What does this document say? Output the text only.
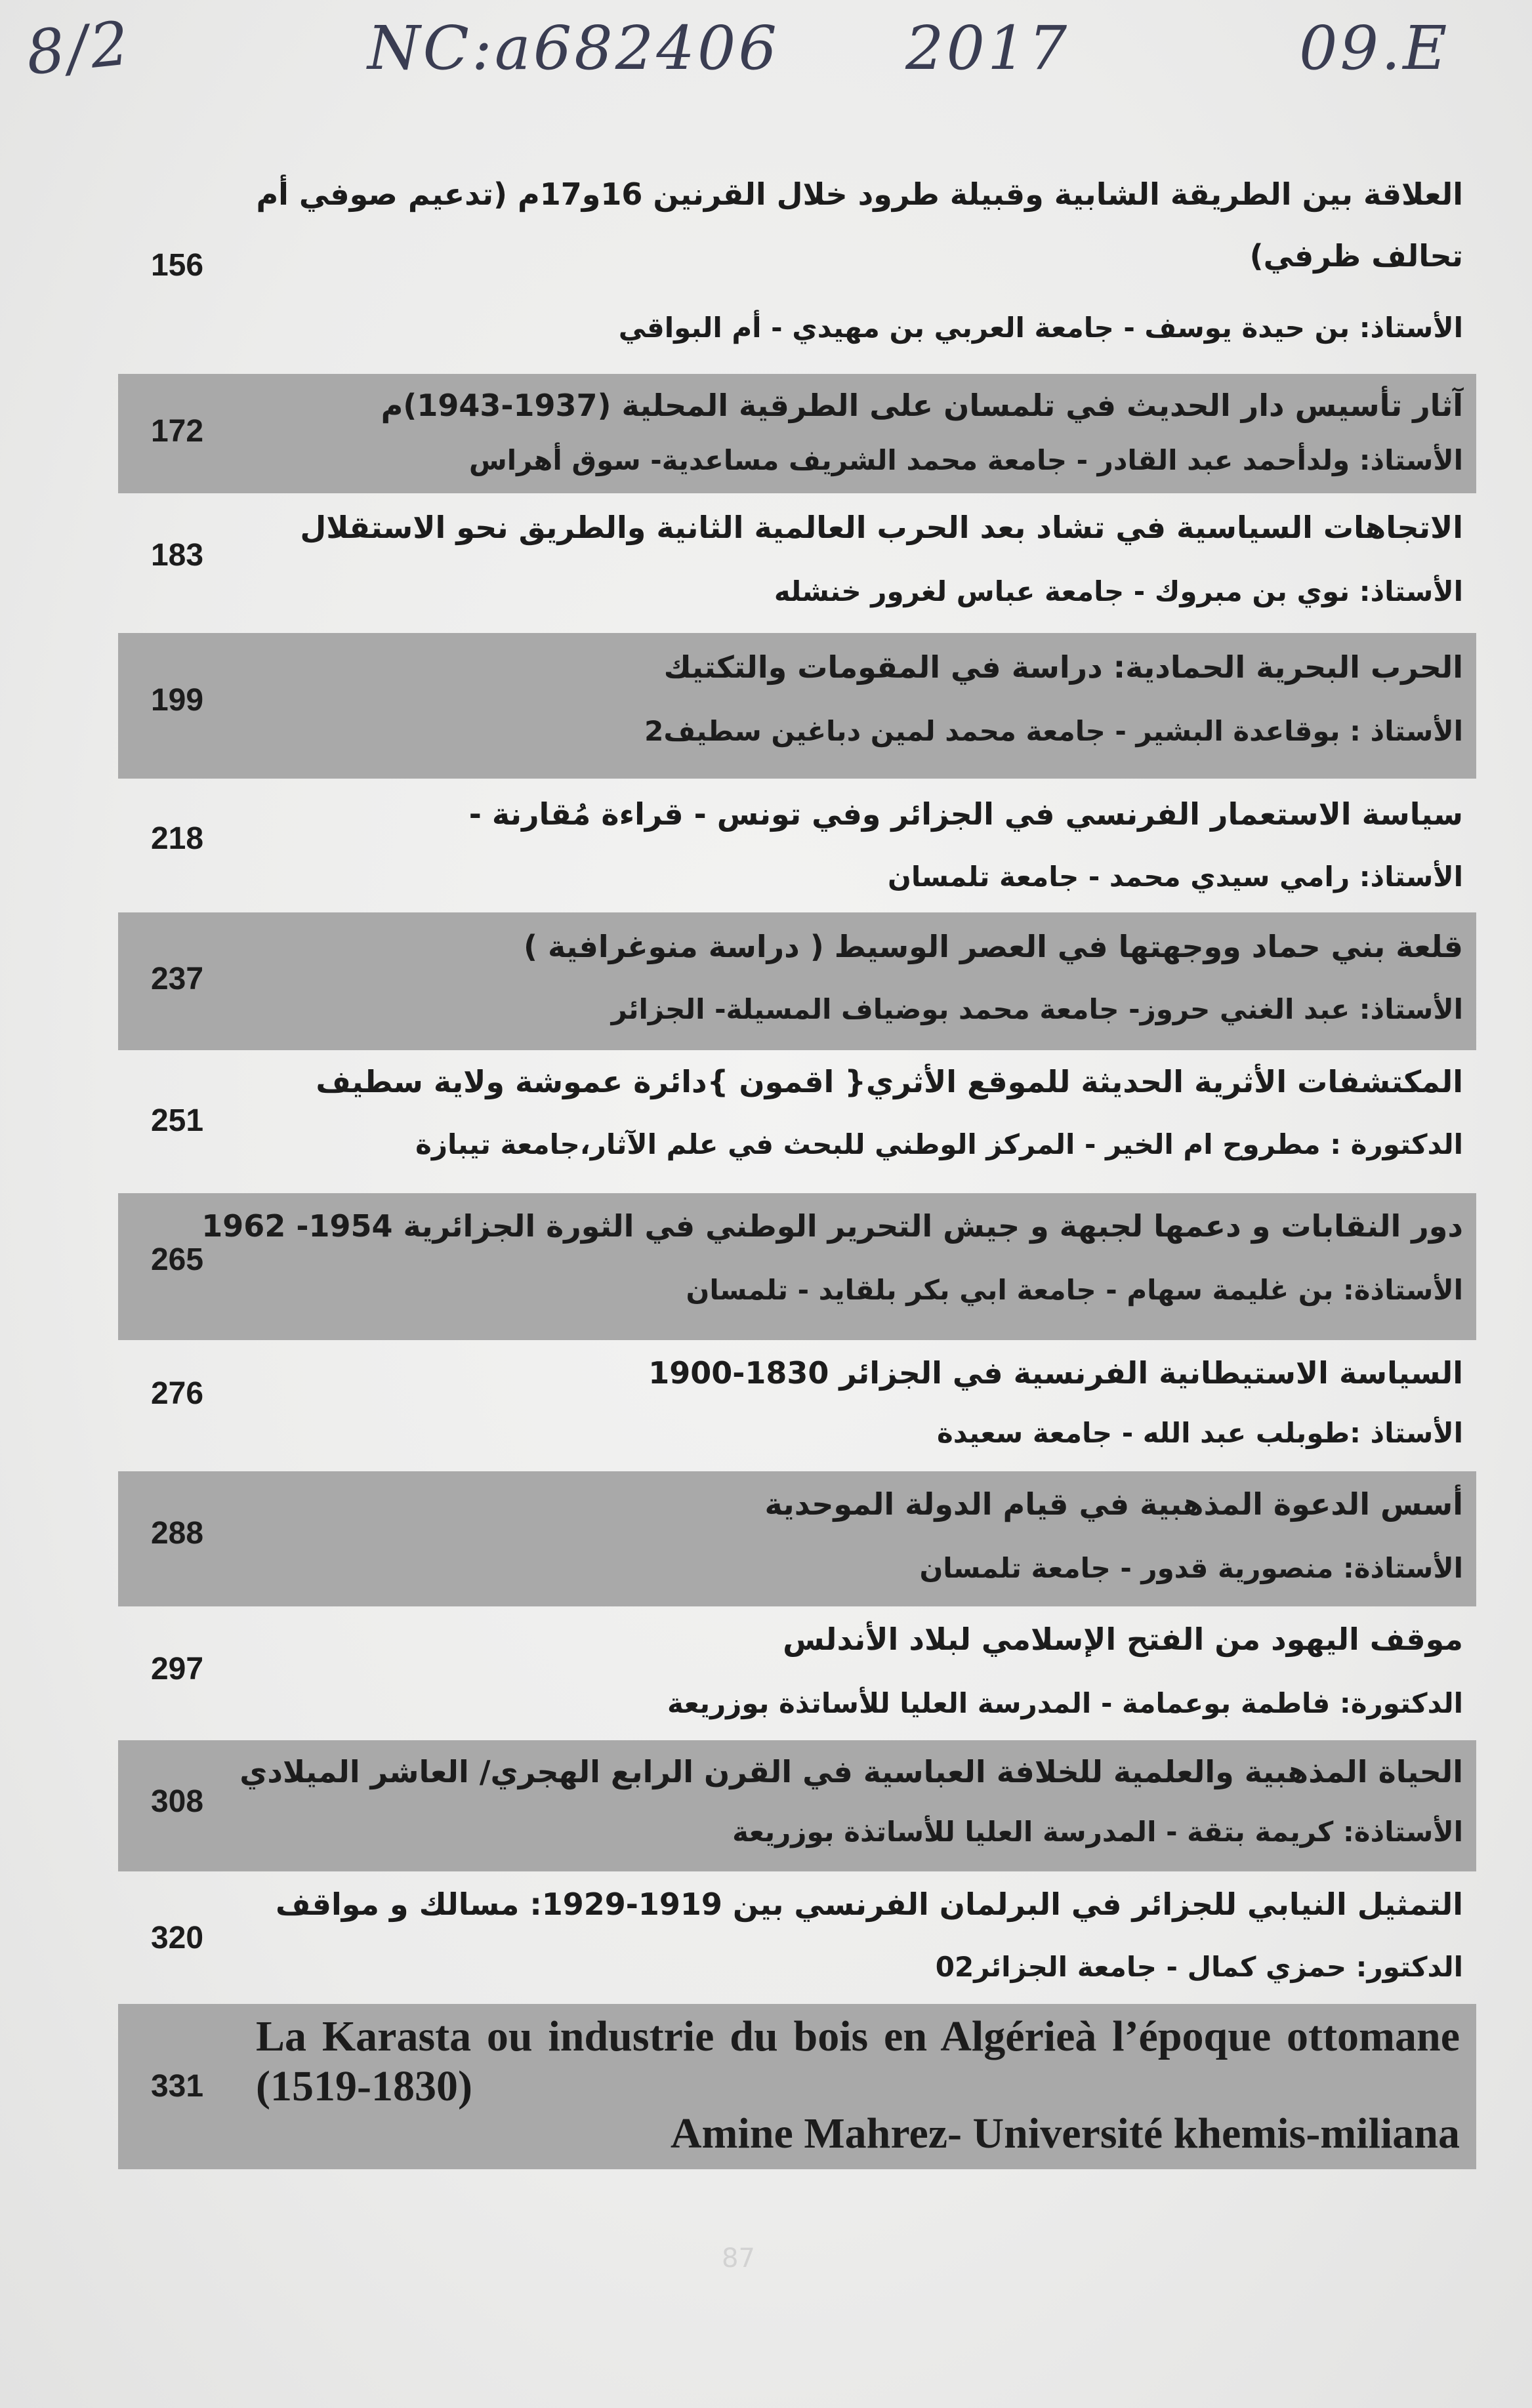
8/2	NC:a682406 2017	09.E
العلاقة بين الطريقة الشابية وقبيلة طرود خلال القرنين 16و17م (تدعيم صوفي أم
تحالف ظرفي)
الأستاذ: بن حيدة يوسف - جامعة العربي بن مهيدي - أم البواقي
156
آثار تأسيس دار الحديث في تلمسان على الطرقية المحلية (1937-1943)م
الأستاذ: ولدأحمد عبد القادر - جامعة محمد الشريف مساعدية- سوق أهراس
172
الاتجاهات السياسية في تشاد بعد الحرب العالمية الثانية والطريق نحو الاستقلال
الأستاذ: نوي بن مبروك - جامعة عباس لغرور خنشله
183
الحرب البحرية الحمادية: دراسة في المقومات والتكتيك
الأستاذ : بوقاعدة البشير - جامعة محمد لمين دباغين سطيف2
199
سياسة الاستعمار الفرنسي في الجزائر وفي تونس - قراءة مُقارنة -
الأستاذ: رامي سيدي محمد - جامعة تلمسان
218
قلعة بني حماد ووجهتها في العصر الوسيط ( دراسة منوغرافية )
الأستاذ: عبد الغني حروز- جامعة محمد بوضياف المسيلة- الجزائر
237
المكتشفات الأثرية الحديثة للموقع الأثري{ اقمون }دائرة عموشة ولاية سطيف
الدكتورة : مطروح ام الخير - المركز الوطني للبحث في علم الآثار،جامعة تيبازة
251
دور النقابات و دعمها لجبهة و جيش التحرير الوطني في الثورة الجزائرية 1954- 1962
الأستاذة: بن غليمة سهام - جامعة ابي بكر بلقايد - تلمسان
265
السياسة الاستيطانية الفرنسية في الجزائر 1830-1900
الأستاذ :طوبلب عبد الله - جامعة سعيدة
276
أسس الدعوة المذهبية في قيام الدولة الموحدية
الأستاذة: منصورية قدور - جامعة تلمسان
288
موقف اليهود من الفتح الإسلامي لبلاد الأندلس
الدكتورة: فاطمة بوعمامة - المدرسة العليا للأساتذة بوزريعة
297
الحياة المذهبية والعلمية للخلافة العباسية في القرن الرابع الهجري/ العاشر الميلادي
الأستاذة: كريمة بتقة - المدرسة العليا للأساتذة بوزريعة
308
التمثيل النيابي للجزائر في البرلمان الفرنسي بين 1919-1929: مسالك و مواقف
الدكتور: حمزي كمال - جامعة الجزائر02
320
La Karasta ou industrie du bois en Algérieà l’époque ottomane (1519-1830)
Amine Mahrez- Université khemis-miliana
331
87
